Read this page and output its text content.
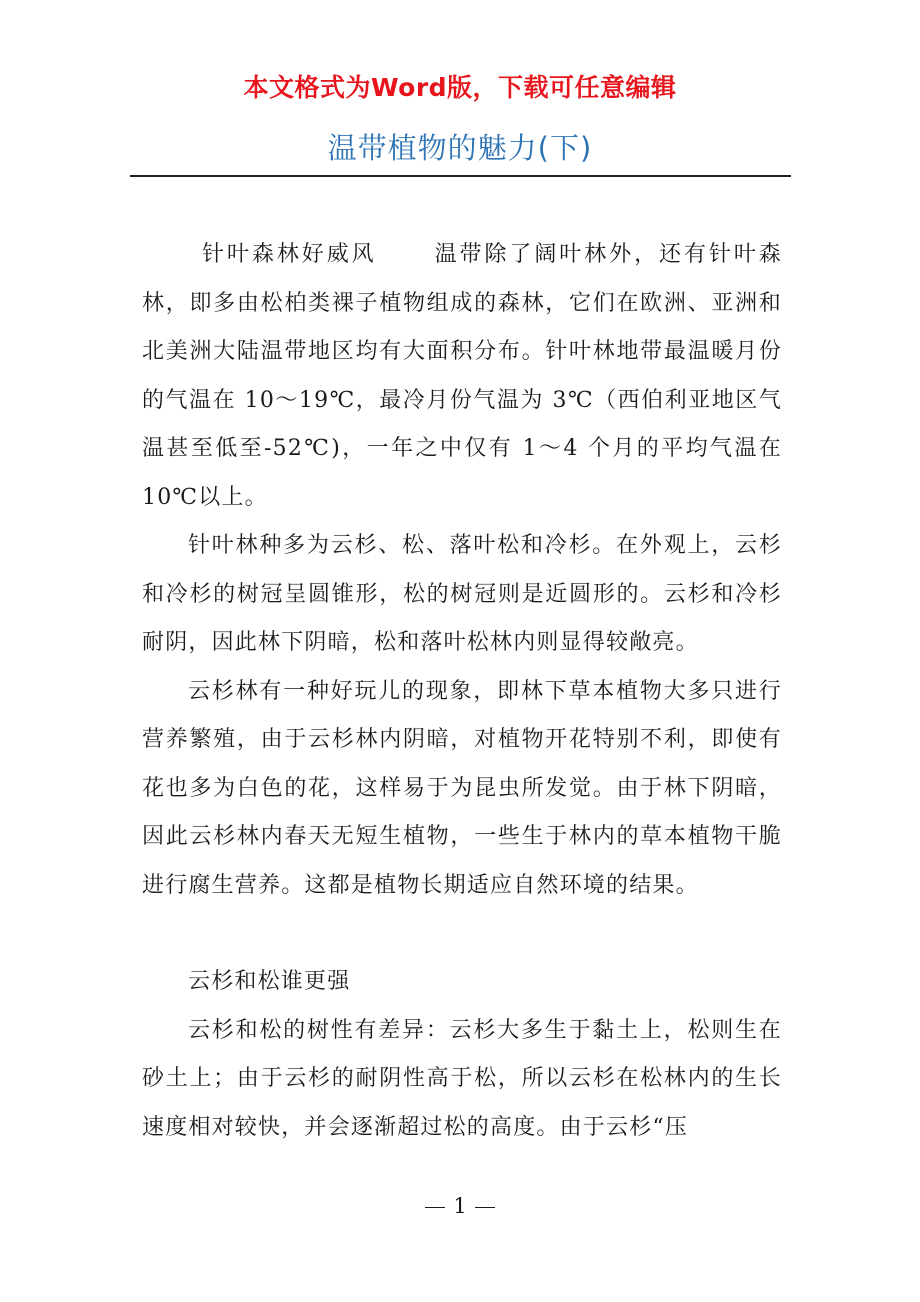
本文格式为Word版，下载可任意编辑
温带植物的魅力(下)

针叶森林好威风	温带除了阔叶林外，还有针叶森林，即多由松柏类裸子植物组成的森林，它们在欧洲、亚洲和北美洲大陆温带地区均有大面积分布。针叶林地带最温暖月份的气温在 10～19℃，最冷月份气温为 3℃（西伯利亚地区气温甚至低至-52℃)，一年之中仅有 1～4 个月的平均气温在 10℃以上。

针叶林种多为云杉、松、落叶松和冷杉。在外观上，云杉和冷杉的树冠呈圆锥形，松的树冠则是近圆形的。云杉和冷杉耐阴，因此林下阴暗，松和落叶松林内则显得较敞亮。

云杉林有一种好玩儿的现象，即林下草本植物大多只进行营养繁殖，由于云杉林内阴暗，对植物开花特别不利，即使有花也多为白色的花，这样易于为昆虫所发觉。由于林下阴暗，因此云杉林内春天无短生植物，一些生于林内的草本植物干脆进行腐生营养。这都是植物长期适应自然环境的结果。

云杉和松谁更强

云杉和松的树性有差异：云杉大多生于黏土上，松则生在砂土上；由于云杉的耐阴性高于松，所以云杉在松林内的生长速度相对较快，并会逐渐超过松的高度。由于云杉“压

1
